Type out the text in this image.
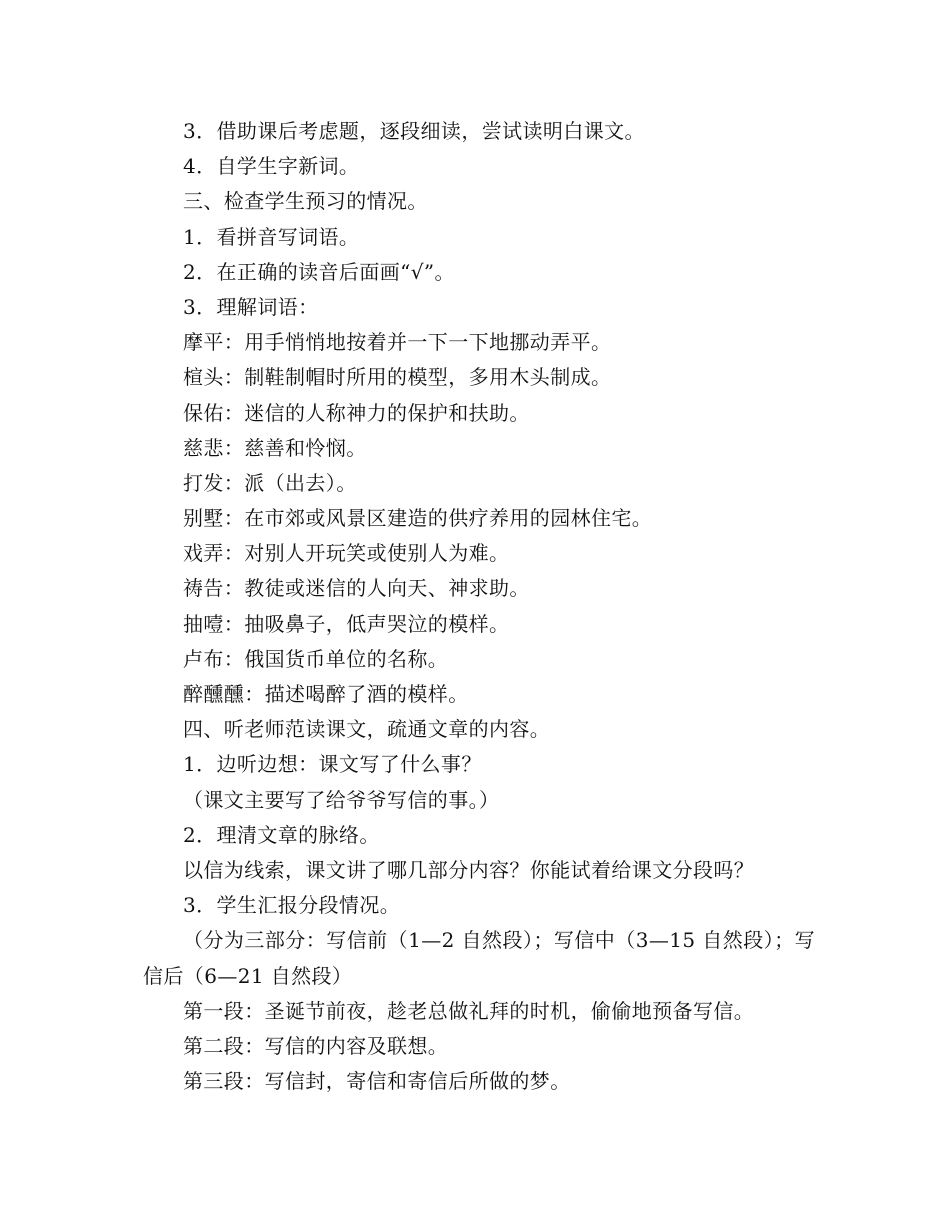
3．借助课后考虑题，逐段细读，尝试读明白课文。
4．自学生字新词。
三、检查学生预习的情况。
1．看拼音写词语。
2．在正确的读音后面画“√”。
3．理解词语：
摩平：用手悄悄地按着并一下一下地挪动弄平。
楦头：制鞋制帽时所用的模型，多用木头制成。
保佑：迷信的人称神力的保护和扶助。
慈悲：慈善和怜悯。
打发：派（出去）。
别墅：在市郊或风景区建造的供疗养用的园林住宅。
戏弄：对别人开玩笑或使别人为难。
祷告：教徒或迷信的人向天、神求助。
抽噎：抽吸鼻子，低声哭泣的模样。
卢布：俄国货币单位的名称。
醉醺醺：描述喝醉了酒的模样。
四、听老师范读课文，疏通文章的内容。
1．边听边想：课文写了什么事？
（课文主要写了给爷爷写信的事。）
2．理清文章的脉络。
以信为线索，课文讲了哪几部分内容？你能试着给课文分段吗？
3．学生汇报分段情况。
（分为三部分：写信前（1—2 自然段）；写信中（3—15 自然段）；写信后（6—21 自然段）
第一段：圣诞节前夜，趁老总做礼拜的时机，偷偷地预备写信。
第二段：写信的内容及联想。
第三段：写信封，寄信和寄信后所做的梦。
